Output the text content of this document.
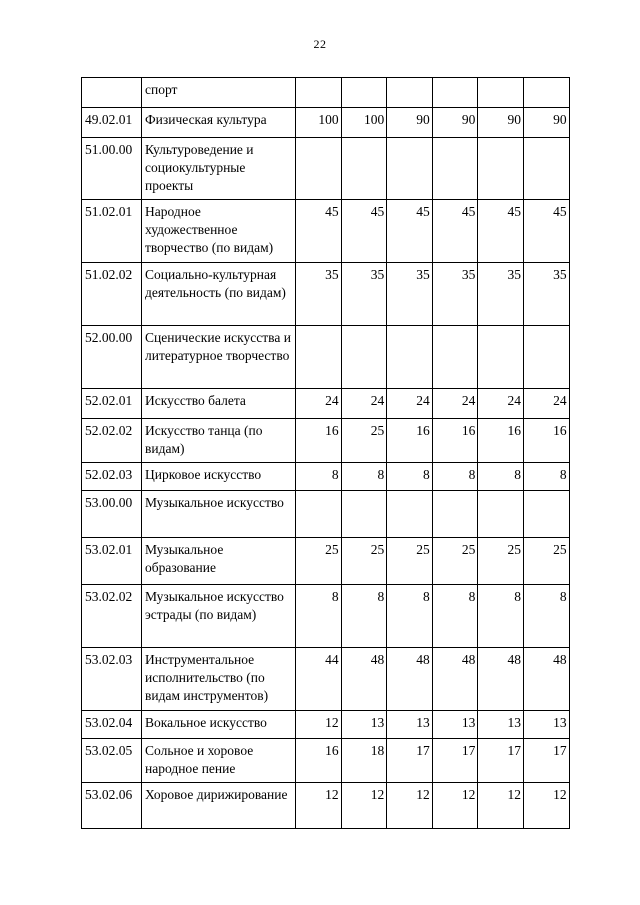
22
	спорт						
49.02.01	Физическая культура	100	100	90	90	90	90
51.00.00	Культуроведение и социокультурные проекты						
51.02.01	Народное художественное творчество (по видам)	45	45	45	45	45	45
51.02.02	Социально-культурная деятельность (по видам)	35	35	35	35	35	35
52.00.00	Сценические искусства и литературное творчество						
52.02.01	Искусство балета	24	24	24	24	24	24
52.02.02	Искусство танца (по видам)	16	25	16	16	16	16
52.02.03	Цирковое искусство	8	8	8	8	8	8
53.00.00	Музыкальное искусство						
53.02.01	Музыкальное образование	25	25	25	25	25	25
53.02.02	Музыкальное искусство эстрады (по видам)	8	8	8	8	8	8
53.02.03	Инструментальное исполнительство (по видам инструментов)	44	48	48	48	48	48
53.02.04	Вокальное искусство	12	13	13	13	13	13
53.02.05	Сольное и хоровое народное пение	16	18	17	17	17	17
53.02.06	Хоровое дирижирование	12	12	12	12	12	12
